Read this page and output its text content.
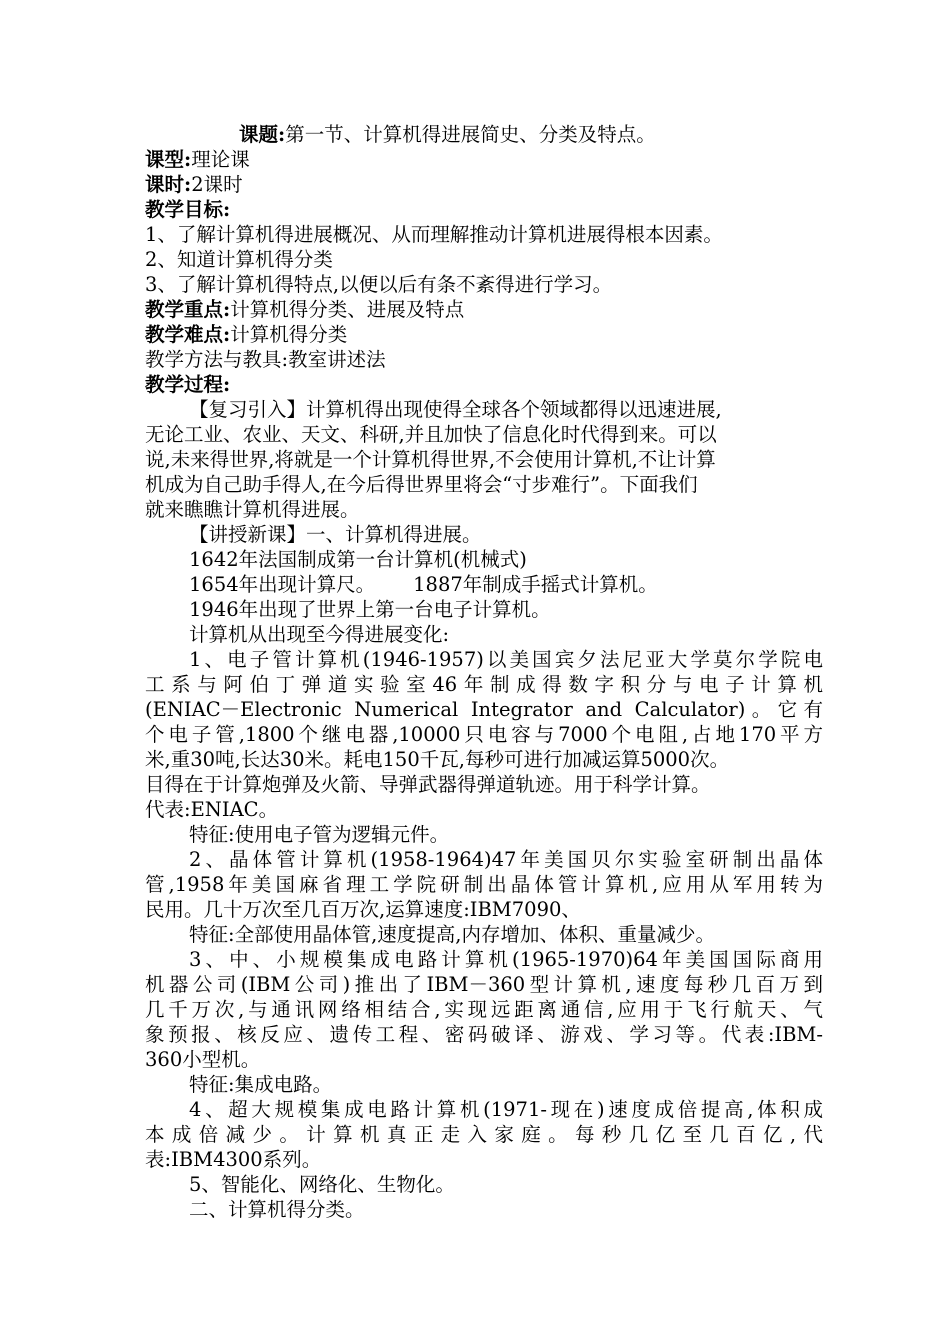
课题:第一节、计算机得进展简史、分类及特点。
课型:理论课
课时:2课时
教学目标:
1、了解计算机得进展概况、从而理解推动计算机进展得根本因素。
2、知道计算机得分类
3、了解计算机得特点,以便以后有条不紊得进行学习。
教学重点:计算机得分类、进展及特点
教学难点:计算机得分类
教学方法与教具:教室讲述法
教学过程:
【复习引入】计算机得出现使得全球各个领域都得以迅速进展,
无论工业、农业、天文、科研,并且加快了信息化时代得到来。可以
说,未来得世界,将就是一个计算机得世界,不会使用计算机,不让计算
机成为自己助手得人,在今后得世界里将会“寸步难行”。下面我们
就来瞧瞧计算机得进展。
【讲授新课】一、计算机得进展。
1642年法国制成第一台计算机(机械式)
1654年出现计算尺。 1887年制成手摇式计算机。
1946年出现了世界上第一台电子计算机。
计算机从出现至今得进展变化:
1、电子管计算机(1946-1957)以美国宾夕法尼亚大学莫尔学院电
工系与阿伯丁弹道实验室46年制成得数字积分与电子计算机
(ENIAC－Electronic Numerical Integrator and Calculator)。它有
个电子管,1800个继电器,10000只电容与7000个电阻,占地170平方
米,重30吨,长达30米。耗电150千瓦,每秒可进行加减运算5000次。
目得在于计算炮弹及火箭、导弹武器得弹道轨迹。用于科学计算。
代表:ENIAC。
特征:使用电子管为逻辑元件。
2、晶体管计算机(1958-1964)47年美国贝尔实验室研制出晶体
管,1958年美国麻省理工学院研制出晶体管计算机,应用从军用转为
民用。几十万次至几百万次,运算速度:IBM7090、
特征:全部使用晶体管,速度提高,内存增加、体积、重量减少。
3、中、小规模集成电路计算机(1965-1970)64年美国国际商用
机器公司(IBM公司)推出了IBM－360型计算机,速度每秒几百万到
几千万次,与通讯网络相结合,实现远距离通信,应用于飞行航天、气
象预报、核反应、遗传工程、密码破译、游戏、学习等。代表:IBM-
360小型机。
特征:集成电路。
4、超大规模集成电路计算机(1971-现在)速度成倍提高,体积成
本成倍减少。计算机真正走入家庭。每秒几亿至几百亿,代
表:IBM4300系列。
5、智能化、网络化、生物化。
二、计算机得分类。
